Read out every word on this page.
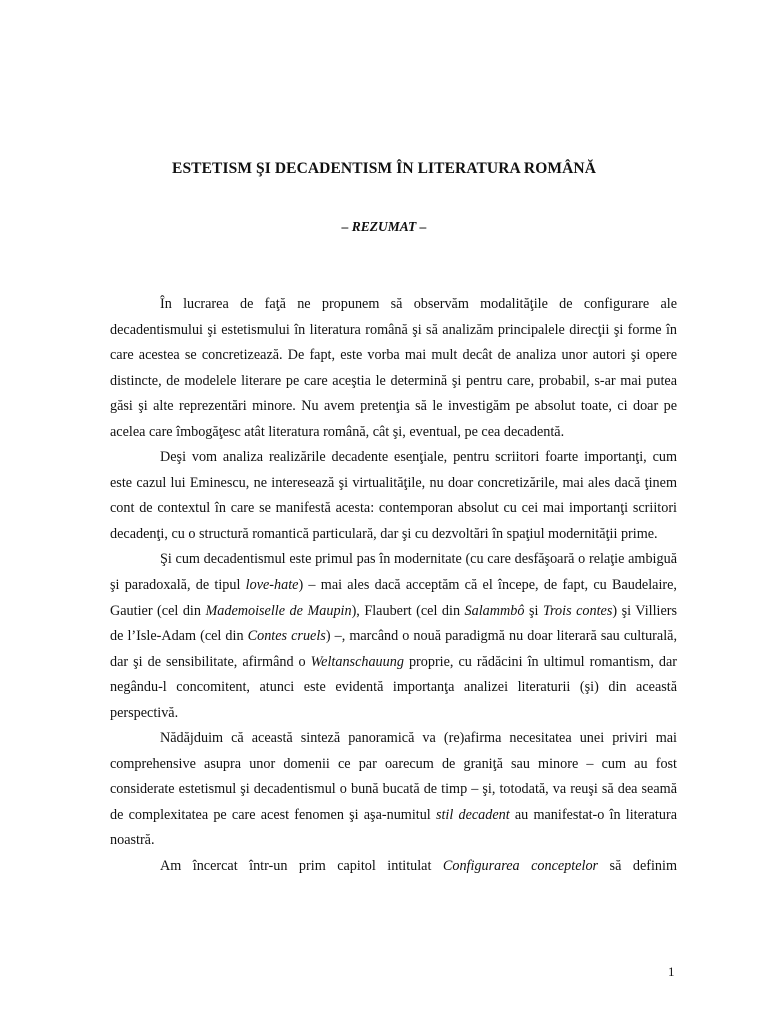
ESTETISM ŞI DECADENTISM ÎN LITERATURA ROMÂNĂ
– REZUMAT –

În lucrarea de faţă ne propunem să observăm modalităţile de configurare ale decadentismului şi estetismului în literatura română şi să analizăm principalele direcţii şi forme în care acestea se concretizează. De fapt, este vorba mai mult decât de analiza unor autori şi opere distincte, de modelele literare pe care aceştia le determină şi pentru care, probabil, s-ar mai putea găsi şi alte reprezentări minore. Nu avem pretenţia să le investigăm pe absolut toate, ci doar pe acelea care îmbogăţesc atât literatura română, cât şi, eventual, pe cea decadentă.

Deşi vom analiza realizările decadente esenţiale, pentru scriitori foarte importanţi, cum este cazul lui Eminescu, ne interesează şi virtualităţile, nu doar concretizările, mai ales dacă ţinem cont de contextul în care se manifestă acesta: contemporan absolut cu cei mai importanţi scriitori decadenţi, cu o structură romantică particulară, dar şi cu dezvoltări în spaţiul modernităţii prime.

Şi cum decadentismul este primul pas în modernitate (cu care desfăşoară o relaţie ambiguă şi paradoxală, de tipul love-hate) – mai ales dacă acceptăm că el începe, de fapt, cu Baudelaire, Gautier (cel din Mademoiselle de Maupin), Flaubert (cel din Salammbô şi Trois contes) şi Villiers de l’Isle-Adam (cel din Contes cruels) –, marcând o nouă paradigmă nu doar literară sau culturală, dar şi de sensibilitate, afirmând o Weltanschauung proprie, cu rădăcini în ultimul romantism, dar negându-l concomitent, atunci este evidentă importanţa analizei literaturii (şi) din această perspectivă.

Nădăjduim că această sinteză panoramică va (re)afirma necesitatea unei priviri mai comprehensive asupra unor domenii ce par oarecum de graniţă sau minore – cum au fost considerate estetismul şi decadentismul o bună bucată de timp – şi, totodată, va reuşi să dea seamă de complexitatea pe care acest fenomen şi aşa-numitul stil decadent au manifestat-o în literatura noastră.

Am încercat într-un prim capitol intitulat Configurarea conceptelor să definim

1
